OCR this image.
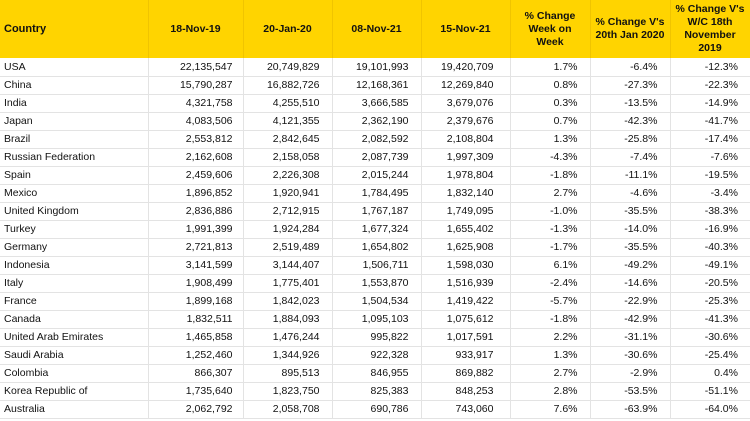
Country	18-Nov-19	20-Jan-20	08-Nov-21	15-Nov-21	% Change Week on Week	% Change V's 20th Jan 2020	% Change V's W/C 18th November 2019
USA	22,135,547	20,749,829	19,101,993	19,420,709	1.7%	-6.4%	-12.3%
China	15,790,287	16,882,726	12,168,361	12,269,840	0.8%	-27.3%	-22.3%
India	4,321,758	4,255,510	3,666,585	3,679,076	0.3%	-13.5%	-14.9%
Japan	4,083,506	4,121,355	2,362,190	2,379,676	0.7%	-42.3%	-41.7%
Brazil	2,553,812	2,842,645	2,082,592	2,108,804	1.3%	-25.8%	-17.4%
Russian Federation	2,162,608	2,158,058	2,087,739	1,997,309	-4.3%	-7.4%	-7.6%
Spain	2,459,606	2,226,308	2,015,244	1,978,804	-1.8%	-11.1%	-19.5%
Mexico	1,896,852	1,920,941	1,784,495	1,832,140	2.7%	-4.6%	-3.4%
United Kingdom	2,836,886	2,712,915	1,767,187	1,749,095	-1.0%	-35.5%	-38.3%
Turkey	1,991,399	1,924,284	1,677,324	1,655,402	-1.3%	-14.0%	-16.9%
Germany	2,721,813	2,519,489	1,654,802	1,625,908	-1.7%	-35.5%	-40.3%
Indonesia	3,141,599	3,144,407	1,506,711	1,598,030	6.1%	-49.2%	-49.1%
Italy	1,908,499	1,775,401	1,553,870	1,516,939	-2.4%	-14.6%	-20.5%
France	1,899,168	1,842,023	1,504,534	1,419,422	-5.7%	-22.9%	-25.3%
Canada	1,832,511	1,884,093	1,095,103	1,075,612	-1.8%	-42.9%	-41.3%
United Arab Emirates	1,465,858	1,476,244	995,822	1,017,591	2.2%	-31.1%	-30.6%
Saudi Arabia	1,252,460	1,344,926	922,328	933,917	1.3%	-30.6%	-25.4%
Colombia	866,307	895,513	846,955	869,882	2.7%	-2.9%	0.4%
Korea Republic of	1,735,640	1,823,750	825,383	848,253	2.8%	-53.5%	-51.1%
Australia	2,062,792	2,058,708	690,786	743,060	7.6%	-63.9%	-64.0%
